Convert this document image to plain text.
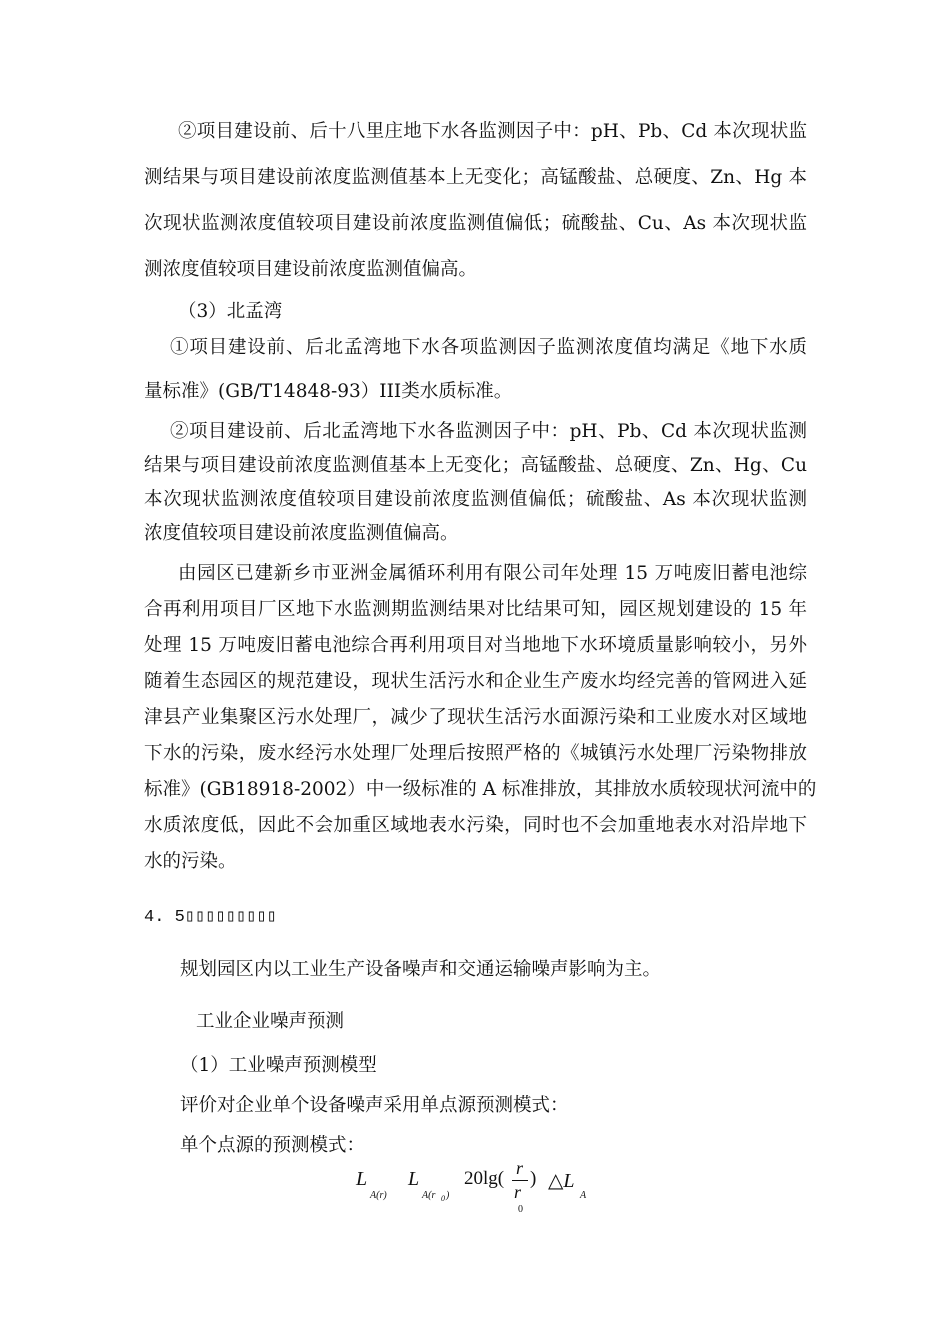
②项目建设前、后十八里庄地下水各监测因子中：pH、Pb、Cd 本次现状监
测结果与项目建设前浓度监测值基本上无变化；高锰酸盐、总硬度、Zn、Hg 本
次现状监测浓度值较项目建设前浓度监测值偏低；硫酸盐、Cu、As 本次现状监
测浓度值较项目建设前浓度监测值偏高。
（3）北孟湾
①项目建设前、后北孟湾地下水各项监测因子监测浓度值均满足《地下水质
量标准》(GB/T14848-93）III类水质标准。
②项目建设前、后北孟湾地下水各监测因子中：pH、Pb、Cd 本次现状监测
结果与项目建设前浓度监测值基本上无变化；高锰酸盐、总硬度、Zn、Hg、Cu
本次现状监测浓度值较项目建设前浓度监测值偏低；硫酸盐、As 本次现状监测
浓度值较项目建设前浓度监测值偏高。
由园区已建新乡市亚洲金属循环利用有限公司年处理 15 万吨废旧蓄电池综
合再利用项目厂区地下水监测期监测结果对比结果可知，园区规划建设的 15 年
处理 15 万吨废旧蓄电池综合再利用项目对当地地下水环境质量影响较小，另外
随着生态园区的规范建设，现状生活污水和企业生产废水均经完善的管网进入延
津县产业集聚区污水处理厂，减少了现状生活污水面源污染和工业废水对区域地
下水的污染，废水经污水处理厂处理后按照严格的《城镇污水处理厂污染物排放
标准》(GB18918-2002）中一级标准的 A 标准排放，其排放水质较现状河流中的
水质浓度低，因此不会加重区域地表水污染，同时也不会加重地表水对沿岸地下
水的污染。
4. 5▯▯▯▯▯▯▯▯▯
规划园区内以工业生产设备噪声和交通运输噪声影响为主。
工业企业噪声预测
（1）工业噪声预测模型
评价对企业单个设备噪声采用单点源预测模式：
单个点源的预测模式：
L
A(r)
L
A(r 0 )
20lg( r
r
0
) △L
A
